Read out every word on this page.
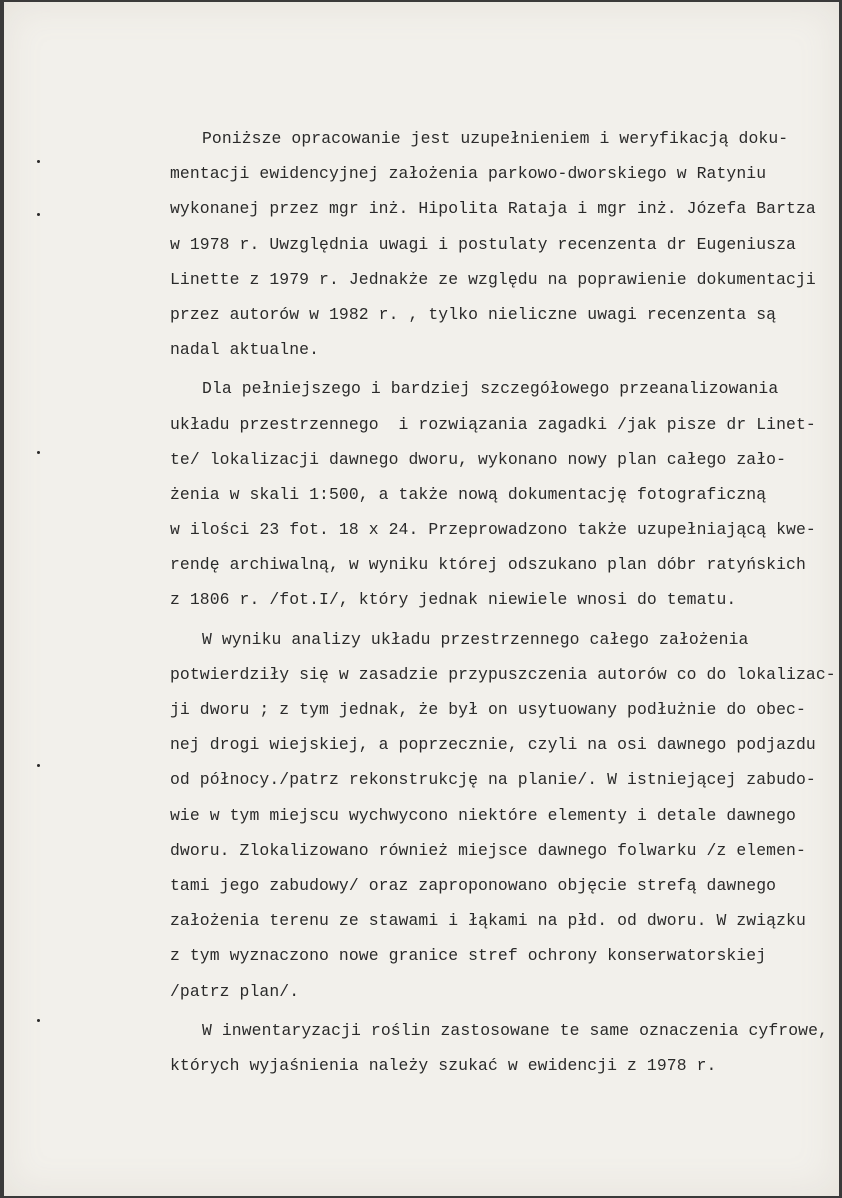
Poniższe opracowanie jest uzupełnieniem i weryfikacją doku-
mentacji ewidencyjnej założenia parkowo-dworskiego w Ratyniu
wykonanej przez mgr inż. Hipolita Rataja i mgr inż. Józefa Bartza
w 1978 r. Uwzględnia uwagi i postulaty recenzenta dr Eugeniusza
Linette z 1979 r. Jednakże ze względu na poprawienie dokumentacji
przez autorów w 1982 r. , tylko nieliczne uwagi recenzenta są
nadal aktualne.
Dla pełniejszego i bardziej szczegółowego przeanalizowania
układu przestrzennego  i rozwiązania zagadki /jak pisze dr Linet-
te/ lokalizacji dawnego dworu, wykonano nowy plan całego zało-
żenia w skali 1:500, a także nową dokumentację fotograficzną
w ilości 23 fot. 18 x 24. Przeprowadzono także uzupełniającą kwe-
rendę archiwalną, w wyniku której odszukano plan dóbr ratyńskich
z 1806 r. /fot.I/, który jednak niewiele wnosi do tematu.
W wyniku analizy układu przestrzennego całego założenia
potwierdziły się w zasadzie przypuszczenia autorów co do lokalizac-
ji dworu ; z tym jednak, że był on usytuowany podłużnie do obec-
nej drogi wiejskiej, a poprzecznie, czyli na osi dawnego podjazdu
od północy./patrz rekonstrukcję na planie/. W istniejącej zabudo-
wie w tym miejscu wychwycono niektóre elementy i detale dawnego
dworu. Zlokalizowano również miejsce dawnego folwarku /z elemen-
tami jego zabudowy/ oraz zaproponowano objęcie strefą dawnego
założenia terenu ze stawami i łąkami na płd. od dworu. W związku
z tym wyznaczono nowe granice stref ochrony konserwatorskiej
/patrz plan/.
W inwentaryzacji roślin zastosowane te same oznaczenia cyfrowe,
których wyjaśnienia należy szukać w ewidencji z 1978 r.
